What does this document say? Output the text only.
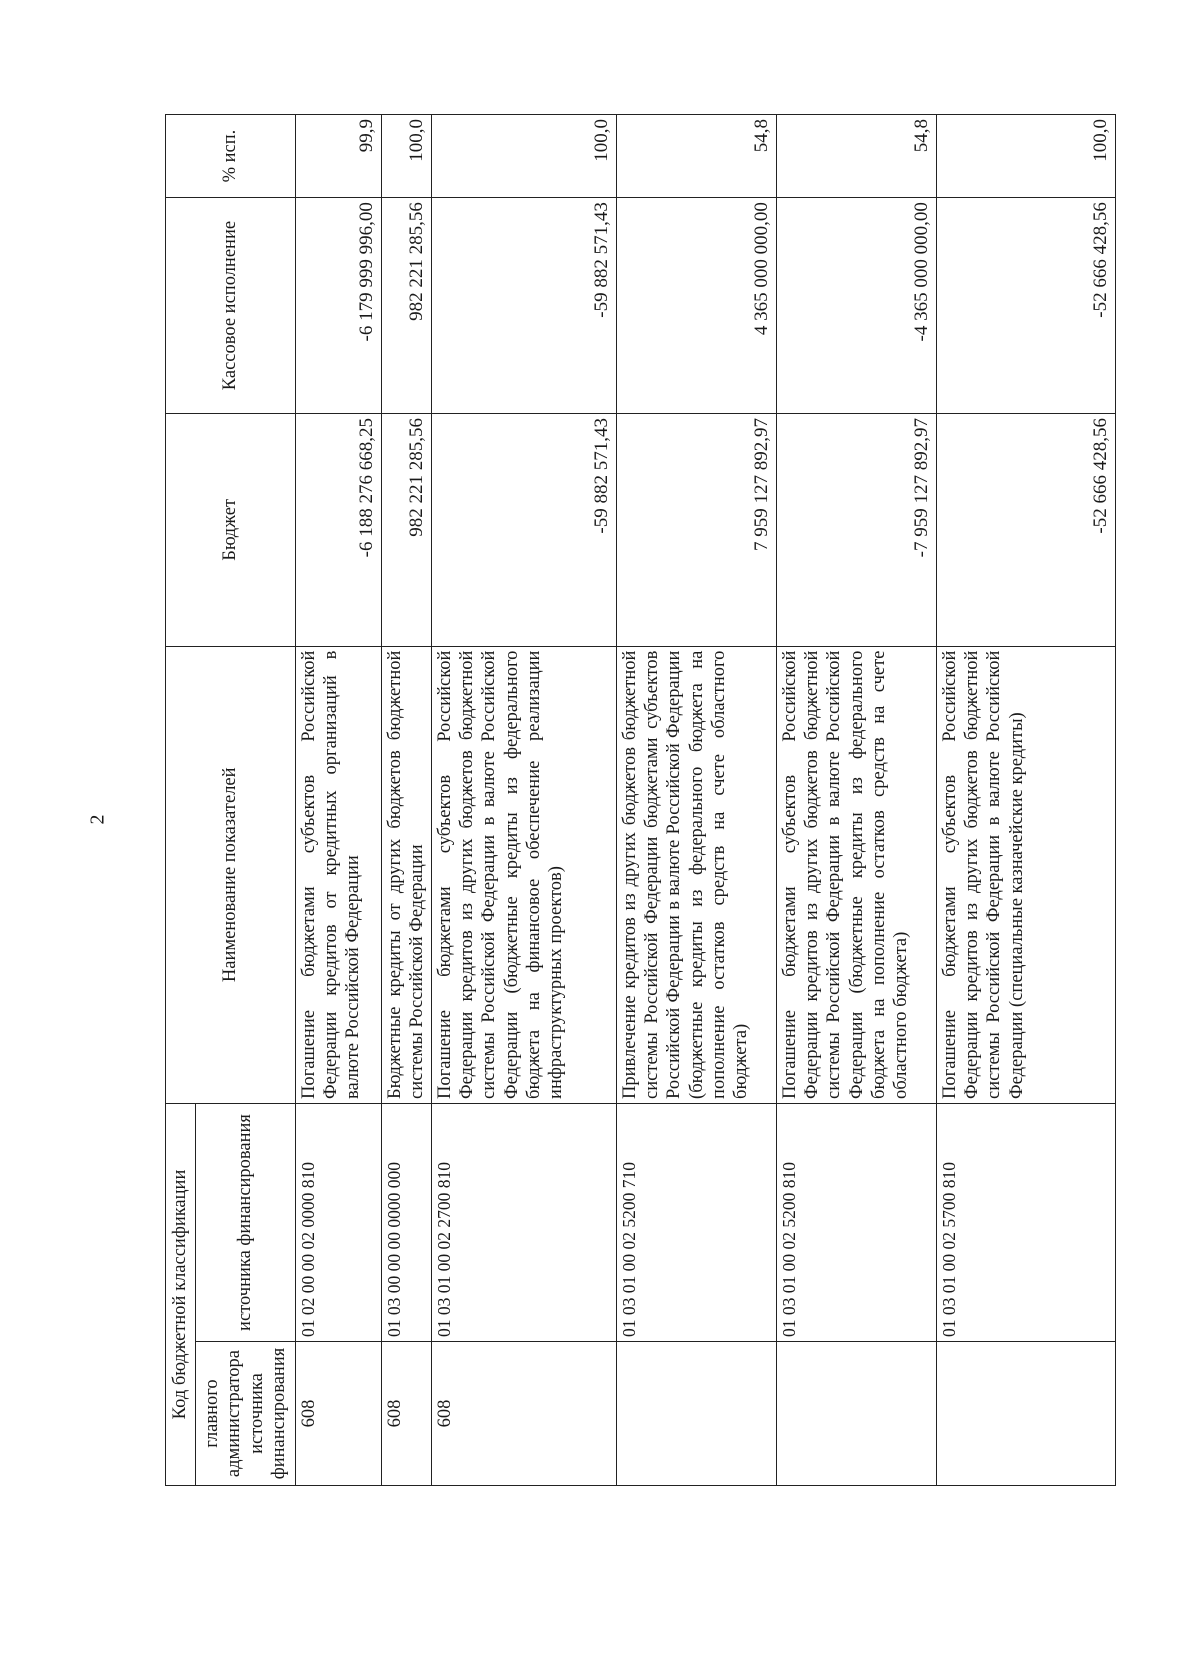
2
Код бюджетной классификации		Наименование показателей	Бюджет	Кассовое исполнение	% исп.
главного администратора источника финансирования	источника финансирования				
608	01 02 00 00 02 0000 810	Погашение бюджетами субъектов Российской Федерации кредитов от кредитных организаций в валюте Российской Федерации	-6 188 276 668,25	-6 179 999 996,00	99,9
608	01 03 00 00 00 0000 000	Бюджетные кредиты от других бюджетов бюджетной системы Российской Федерации	982 221 285,56	982 221 285,56	100,0
608	01 03 01 00 02 2700 810	Погашение бюджетами субъектов Российской Федерации кредитов из других бюджетов бюджетной системы Российской Федерации в валюте Российской Федерации (бюджетные кредиты из федерального бюджета на финансовое обеспечение реализации инфраструктурных проектов)	-59 882 571,43	-59 882 571,43	100,0
	01 03 01 00 02 5200 710	Привлечение кредитов из других бюджетов бюджетной системы Российской Федерации бюджетами субъектов Российской Федерации в валюте Российской Федерации (бюджетные кредиты из федерального бюджета на пополнение остатков средств на счете областного бюджета)	7 959 127 892,97	4 365 000 000,00	54,8
	01 03 01 00 02 5200 810	Погашение бюджетами субъектов Российской Федерации кредитов из других бюджетов бюджетной системы Российской Федерации в валюте Российской Федерации (бюджетные кредиты из федерального бюджета на пополнение остатков средств на счете областного бюджета)	-7 959 127 892,97	-4 365 000 000,00	54,8
	01 03 01 00 02 5700 810	Погашение бюджетами субъектов Российской Федерации кредитов из других бюджетов бюджетной системы Российской Федерации в валюте Российской Федерации (специальные казначейские кредиты)	-52 666 428,56	-52 666 428,56	100,0
